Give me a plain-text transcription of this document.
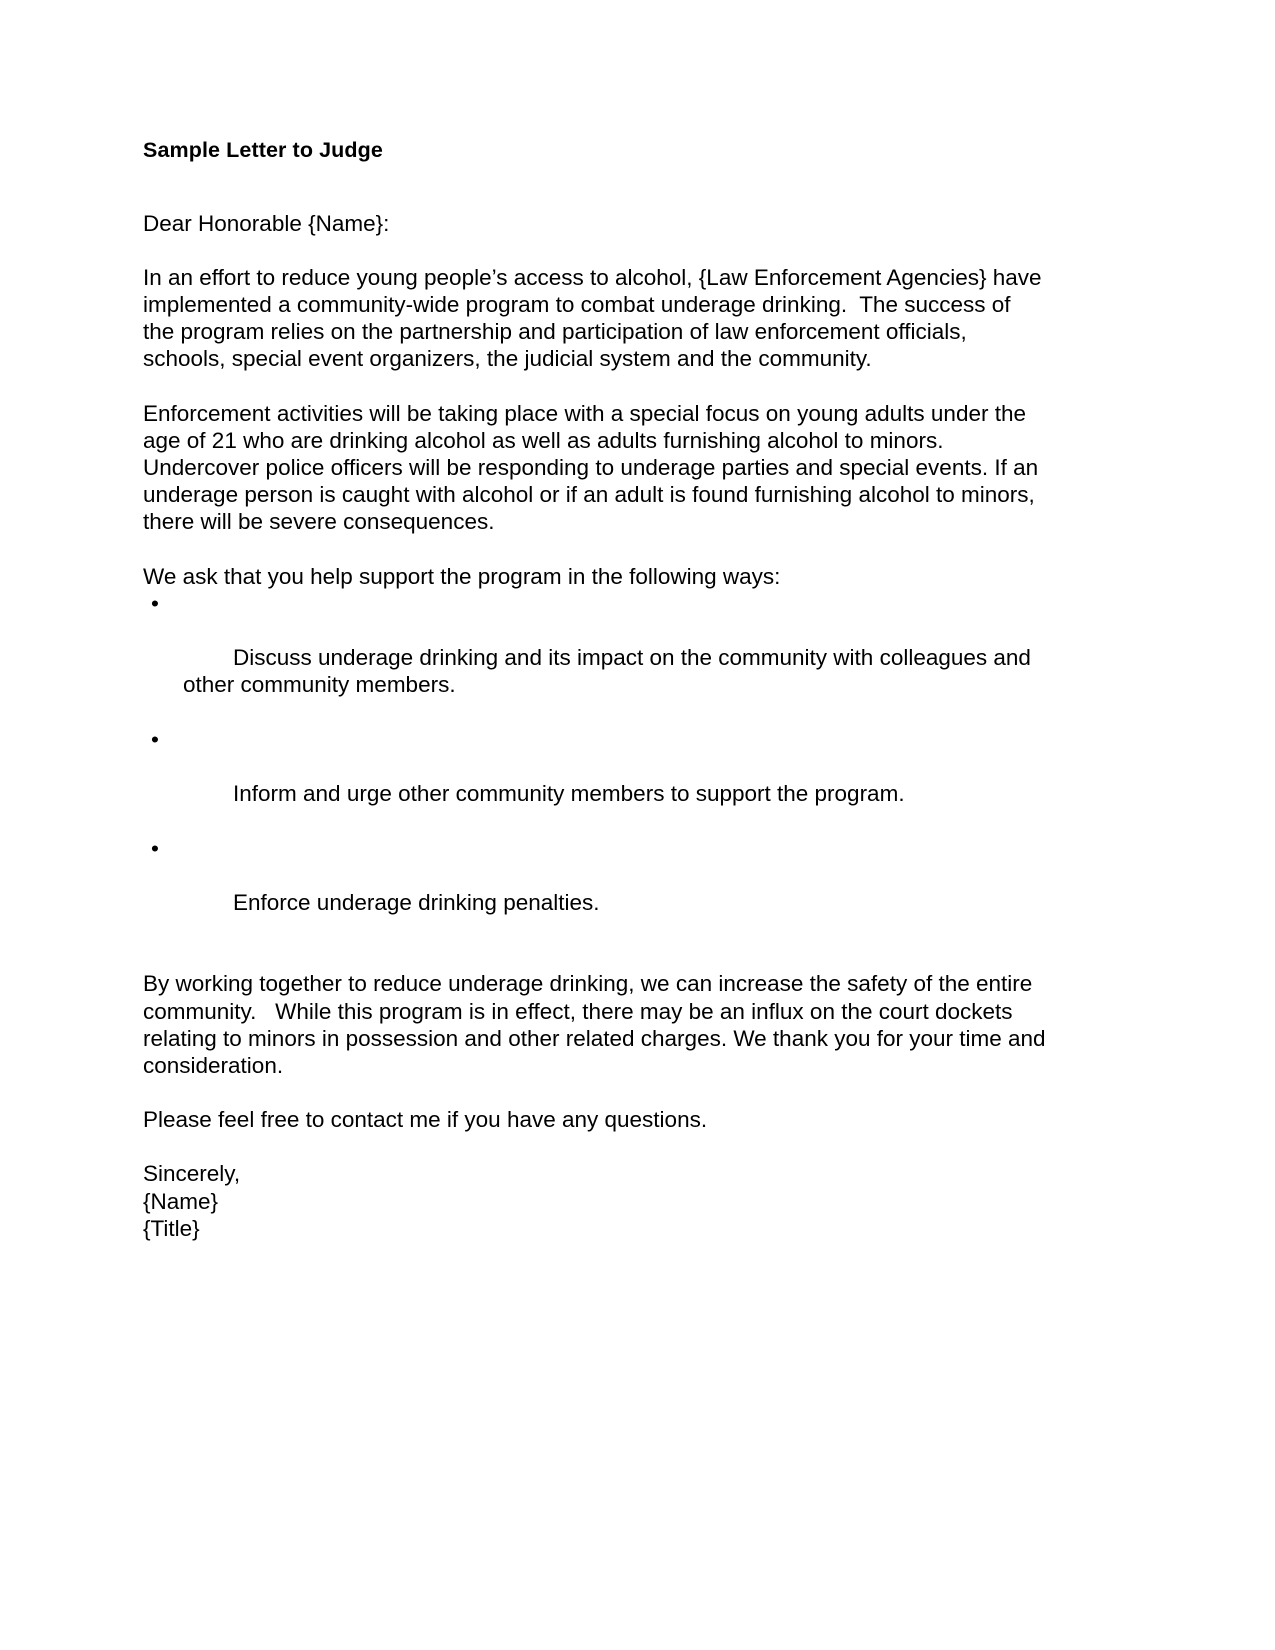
Sample Letter to Judge

Dear Honorable {Name}:

In an effort to reduce young people’s access to alcohol, {Law Enforcement Agencies} have implemented a community-wide program to combat underage drinking.  The success of the program relies on the partnership and participation of law enforcement officials, schools, special event organizers, the judicial system and the community.

Enforcement activities will be taking place with a special focus on young adults under the age of 21 who are drinking alcohol as well as adults furnishing alcohol to minors. Undercover police officers will be responding to underage parties and special events. If an underage person is caught with alcohol or if an adult is found furnishing alcohol to minors, there will be severe consequences.

We ask that you help support the program in the following ways:

•

Discuss underage drinking and its impact on the community with colleagues and other community members.

•

Inform and urge other community members to support the program.

•

Enforce underage drinking penalties.

By working together to reduce underage drinking, we can increase the safety of the entire community.   While this program is in effect, there may be an influx on the court dockets relating to minors in possession and other related charges. We thank you for your time and consideration.

Please feel free to contact me if you have any questions.

Sincerely,

{Name}

{Title}
